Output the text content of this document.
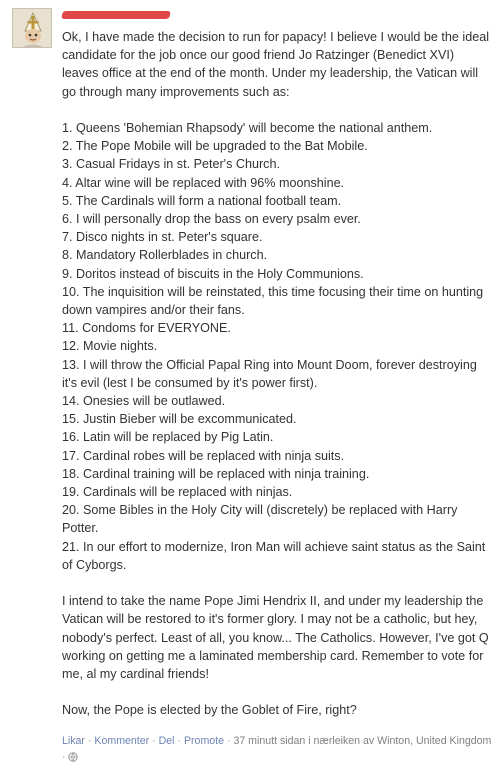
Ok, I have made the decision to run for papacy! I believe I would be the ideal candidate for the job once our good friend Jo Ratzinger (Benedict XVI) leaves office at the end of the month. Under my leadership, the Vatican will go through many improvements such as:

1. Queens 'Bohemian Rhapsody' will become the national anthem.

2. The Pope Mobile will be upgraded to the Bat Mobile.

3. Casual Fridays in st. Peter's Church.

4. Altar wine will be replaced with 96% moonshine.

5. The Cardinals will form a national football team.

6. I will personally drop the bass on every psalm ever.

7. Disco nights in st. Peter's square.

8. Mandatory Rollerblades in church.

9. Doritos instead of biscuits in the Holy Communions.

10. The inquisition will be reinstated, this time focusing their time on hunting down vampires and/or their fans.

11. Condoms for EVERYONE.

12. Movie nights.

13. I will throw the Official Papal Ring into Mount Doom, forever destroying it's evil (lest I be consumed by it's power first).

14. Onesies will be outlawed.

15. Justin Bieber will be excommunicated.

16. Latin will be replaced by Pig Latin.

17. Cardinal robes will be replaced with ninja suits.

18. Cardinal training will be replaced with ninja training.

19. Cardinals will be replaced with ninjas.

20. Some Bibles in the Holy City will (discretely) be replaced with Harry Potter.

21. In our effort to modernize, Iron Man will achieve saint status as the Saint of Cyborgs.

I intend to take the name Pope Jimi Hendrix II, and under my leadership the Vatican will be restored to it's former glory. I may not be a catholic, but hey, nobody's perfect. Least of all, you know... The Catholics. However, I've got Q working on getting me a laminated membership card. Remember to vote for me, al my cardinal friends!

Now, the Pope is elected by the Goblet of Fire, right?

Likar · Kommenter · Del · Promote · 37 minutt sidan i nærleiken av Winton, United Kingdom ·
